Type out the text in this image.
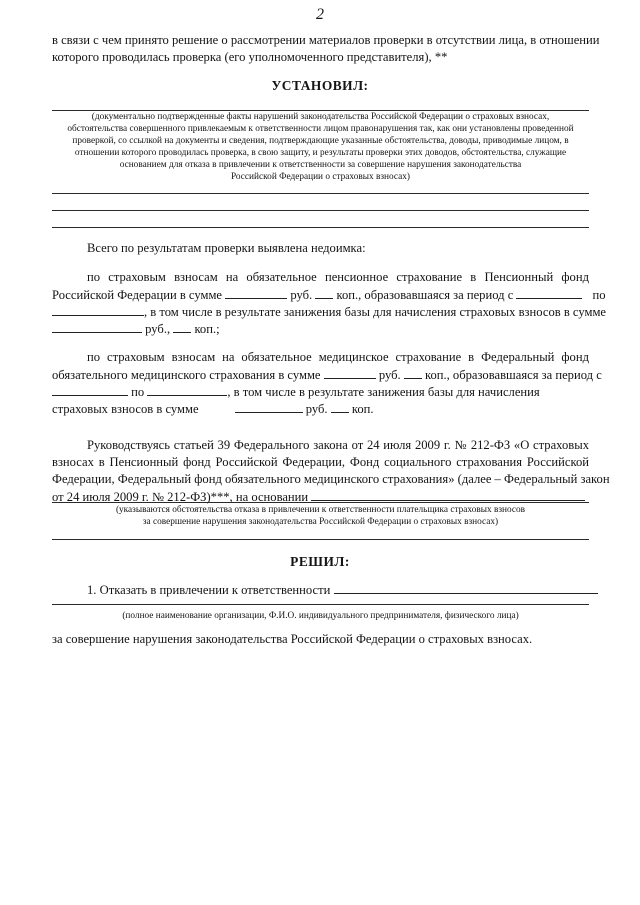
2
в связи с чем принято решение о рассмотрении материалов проверки в отсутствии лица, в отношении
которого проводилась проверка (его уполномоченного представителя), **
УСТАНОВИЛ:
(документально подтвержденные факты нарушений законодательства Российской Федерации о страховых взносах,
обстоятельства совершенного привлекаемым к ответственности лицом правонарушения так, как они установлены проведенной
проверкой, со ссылкой на документы и сведения, подтверждающие указанные обстоятельства, доводы, приводимые лицом, в
отношении которого проводилась проверка, в свою защиту, и результаты проверки этих доводов, обстоятельства, служащие
основанием для отказа в привлечении к ответственности за совершение нарушения законодательства
Российской Федерации о страховых взносах)
Всего по результатам проверки выявлена недоимка:
по страховым взносам на обязательное пенсионное страхование в Пенсионный фонд
Российской Федерации в сумме	руб. коп., образовавшаяся за период с	по
, в том числе в результате занижения базы для начисления страховых взносов в сумме
руб., коп.;
по страховым взносам на обязательное медицинское страхование в Федеральный фонд
обязательного медицинского страхования в сумме	руб. коп., образовавшаяся за период с
по	, в том числе в результате занижения базы для начисления
страховых взносов в сумме	руб. коп.
Руководствуясь статьей 39 Федерального закона от 24 июля 2009 г. № 212-ФЗ «О страховых
взносах в Пенсионный фонд Российской Федерации, Фонд социального страхования Российской
Федерации, Федеральный фонд обязательного медицинского страхования» (далее – Федеральный закон
от 24 июля 2009 г. № 212-ФЗ)***, на основании
(указываются обстоятельства отказа в привлечении к ответственности плательщика страховых взносов
за совершение нарушения законодательства Российской Федерации о страховых взносах)
РЕШИЛ:
1. Отказать в привлечении к ответственности
(полное наименование организации, Ф.И.О. индивидуального предпринимателя, физического лица)
за совершение нарушения законодательства Российской Федерации о страховых взносах.
